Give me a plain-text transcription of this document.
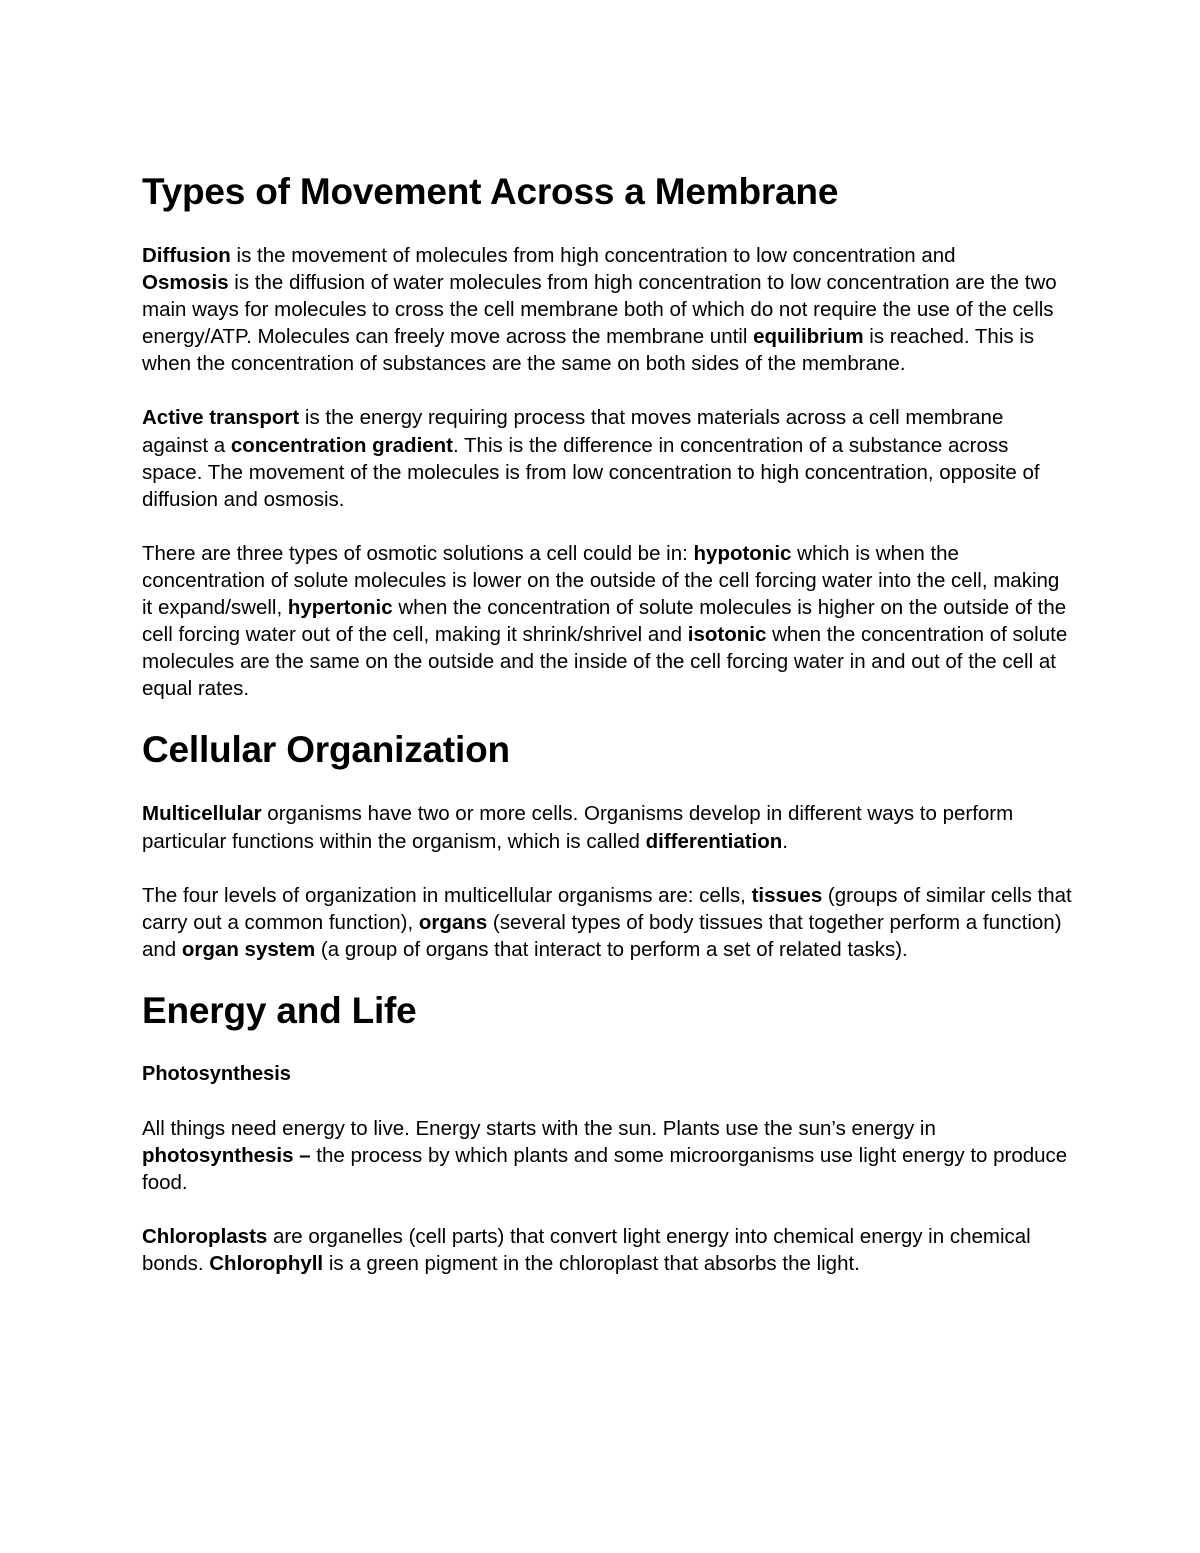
Types of Movement Across a Membrane

Diffusion is the movement of molecules from high concentration to low concentration and
Osmosis is the diffusion of water molecules from high concentration to low concentration are the two main ways for molecules to cross the cell membrane both of which do not require the use of the cells energy/ATP. Molecules can freely move across the membrane until equilibrium is reached. This is when the concentration of substances are the same on both sides of the membrane.

Active transport is the energy requiring process that moves materials across a cell membrane against a concentration gradient. This is the difference in concentration of a substance across space. The movement of the molecules is from low concentration to high concentration, opposite of diffusion and osmosis.

There are three types of osmotic solutions a cell could be in: hypotonic which is when the concentration of solute molecules is lower on the outside of the cell forcing water into the cell, making it expand/swell, hypertonic when the concentration of solute molecules is higher on the outside of the cell forcing water out of the cell, making it shrink/shrivel and isotonic when the concentration of solute molecules are the same on the outside and the inside of the cell forcing water in and out of the cell at equal rates.

Cellular Organization

Multicellular organisms have two or more cells. Organisms develop in different ways to perform particular functions within the organism, which is called differentiation.

The four levels of organization in multicellular organisms are: cells, tissues (groups of similar cells that carry out a common function), organs (several types of body tissues that together perform a function) and organ system (a group of organs that interact to perform a set of related tasks).

Energy and Life
Photosynthesis

All things need energy to live. Energy starts with the sun. Plants use the sun’s energy in photosynthesis – the process by which plants and some microorganisms use light energy to produce food.

Chloroplasts are organelles (cell parts) that convert light energy into chemical energy in chemical bonds. Chlorophyll is a green pigment in the chloroplast that absorbs the light.
